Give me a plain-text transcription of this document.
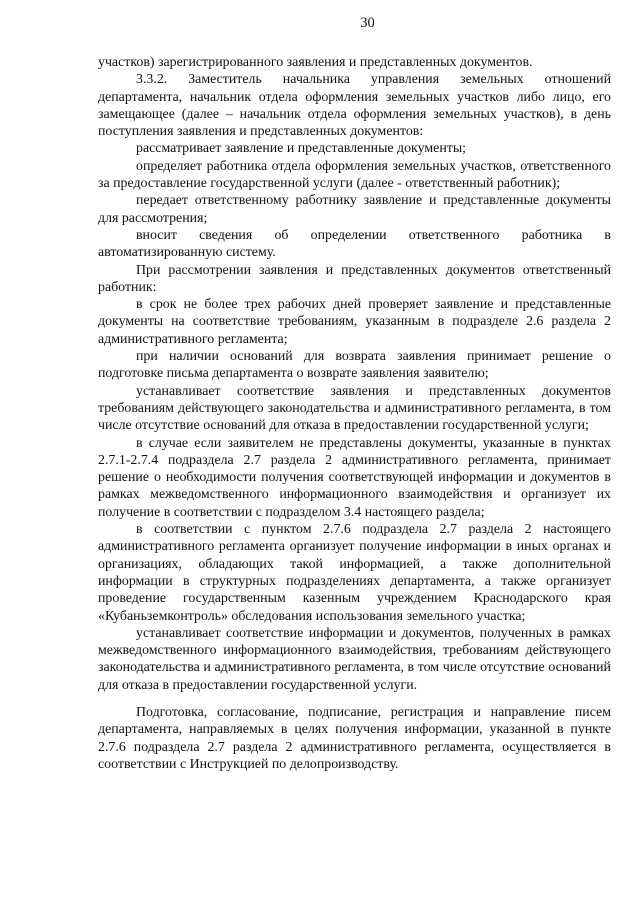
30

участков) зарегистрированного заявления и представленных документов.

3.3.2. Заместитель начальника управления земельных отношений департамента, начальник отдела оформления земельных участков либо лицо, его замещающее (далее – начальник отдела оформления земельных участков), в день поступления заявления и представленных документов:

рассматривает заявление и представленные документы;

определяет работника отдела оформления земельных участков, ответственного за предоставление государственной услуги (далее - ответственный работник);

передает ответственному работнику заявление и представленные документы для рассмотрения;

вносит сведения об определении ответственного работника в автоматизированную систему.

При рассмотрении заявления и представленных документов ответственный работник:

в срок не более трех рабочих дней проверяет заявление и представленные документы на соответствие требованиям, указанным в подразделе 2.6 раздела 2 административного регламента;

при наличии оснований для возврата заявления принимает решение о подготовке письма департамента о возврате заявления заявителю;

устанавливает соответствие заявления и представленных документов требованиям действующего законодательства и административного регламента, в том числе отсутствие оснований для отказа в предоставлении государственной услуги;

в случае если заявителем не представлены документы, указанные в пунктах 2.7.1-2.7.4 подраздела 2.7 раздела 2 административного регламента, принимает решение о необходимости получения соответствующей информации и документов в рамках межведомственного информационного взаимодействия и организует их получение в соответствии с подразделом 3.4 настоящего раздела;

в соответствии с пунктом 2.7.6 подраздела 2.7 раздела 2 настоящего административного регламента организует получение информации в иных органах и организациях, обладающих такой информацией, а также дополнительной информации в структурных подразделениях департамента, а также организует проведение государственным казенным учреждением Краснодарского края «Кубаньземконтроль» обследования использования земельного участка;

устанавливает соответствие информации и документов, полученных в рамках межведомственного информационного взаимодействия, требованиям действующего законодательства и административного регламента, в том числе отсутствие оснований для отказа в предоставлении государственной услуги.

Подготовка, согласование, подписание, регистрация и направление писем департамента, направляемых в целях получения информации, указанной в пункте 2.7.6 подраздела 2.7 раздела 2 административного регламента, осуществляется в соответствии с Инструкцией по делопроизводству.
